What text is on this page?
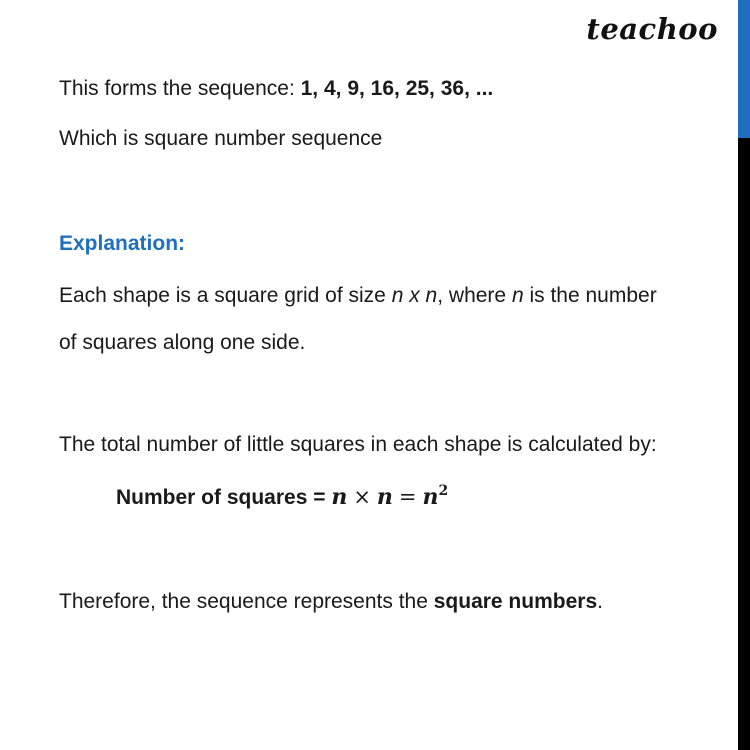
teachoo
This forms the sequence: 1, 4, 9, 16, 25, 36, ...
Which is square number sequence
Explanation:
Each shape is a square grid of size n x n, where n is the number
of squares along one side.
The total number of little squares in each shape is calculated by:
Number of squares = $n \times n = n^2$
Therefore, the sequence represents the square numbers.
